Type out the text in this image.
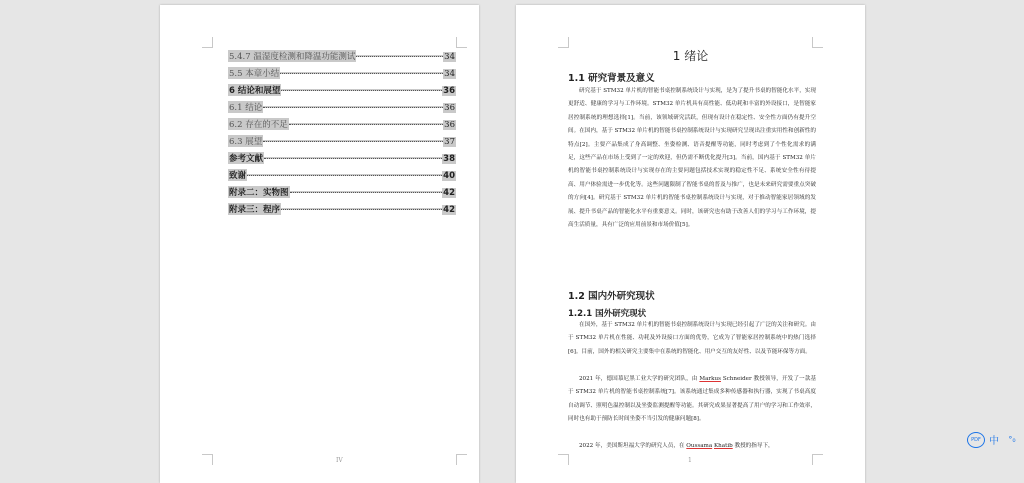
5.4.7 温湿度检测和降温功能测试	34
5.5 本章小结	34
6 结论和展望	36
6.1 结论	36
6.2 存在的不足	36
6.3 展望	37
参考文献	38
致谢	40
附录二：实物图	42
附录三：程序	42
IV
1 绪论
1.1 研究背景及意义
研究基于 STM32 单片机的智能书桌控制系统设计与实现，是为了提升书桌的智能化水平，实现更舒适、健康的学习与工作环境。STM32 单片机具有高性能、低功耗和丰富的外设接口，是智能家居控制系统的理想选择[1]。当前，该领域研究活跃，但现有设计在稳定性、安全性方面仍有提升空间。在国内，基于 STM32 单片机的智能书桌控制系统设计与实现研究呈现出注重实用性和创新性的特点[2]。主要产品集成了身高调整、坐姿检测、语音提醒等功能，同时考虑到了个性化需求的满足，这些产品在市场上受到了一定的欢迎，但仍需不断优化提升[3]。当前，国内基于 STM32 单片机的智能书桌控制系统设计与实现存在的主要问题包括技术实现的稳定性不足、系统安全性有待提高、用户体验需进一步优化等。这些问题限制了智能书桌的普及与推广，也是未来研究需要重点突破的方向[4]。研究基于 STM32 单片机的智能书桌控制系统设计与实现，对于推动智能家居领域的发展、提升书桌产品的智能化水平有重要意义。同时，该研究也有助于改善人们的学习与工作环境，提高生活质量，具有广泛的应用前景和市场价值[5]。
1.2 国内外研究现状
1.2.1 国外研究现状
在国外，基于 STM32 单片机的智能书桌控制系统设计与实现已经引起了广泛的关注和研究。由于 STM32 单片机在性能、功耗及外设接口方面的优势，它成为了智能家居控制系统中的热门选择[6]。目前，国外的相关研究主要集中在系统的智能化、用户交互的友好性、以及节能环保等方面。
2021 年，德国慕尼黑工业大学的研究团队，由 Markus Schneider 教授领导，开发了一款基于 STM32 单片机的智能书桌控制系统[7]。该系统通过集成多种传感器和执行器，实现了书桌高度自动调节、照明色温控制以及坐姿监测提醒等功能。其研究成果显著提高了用户的学习和工作效率，同时也有助于预防长时间坐姿不当引发的健康问题[8]。
2022 年，美国斯坦福大学的研究人员，在 Oussama Khatib 教授的指导下，
1
PDF 中	°₀
